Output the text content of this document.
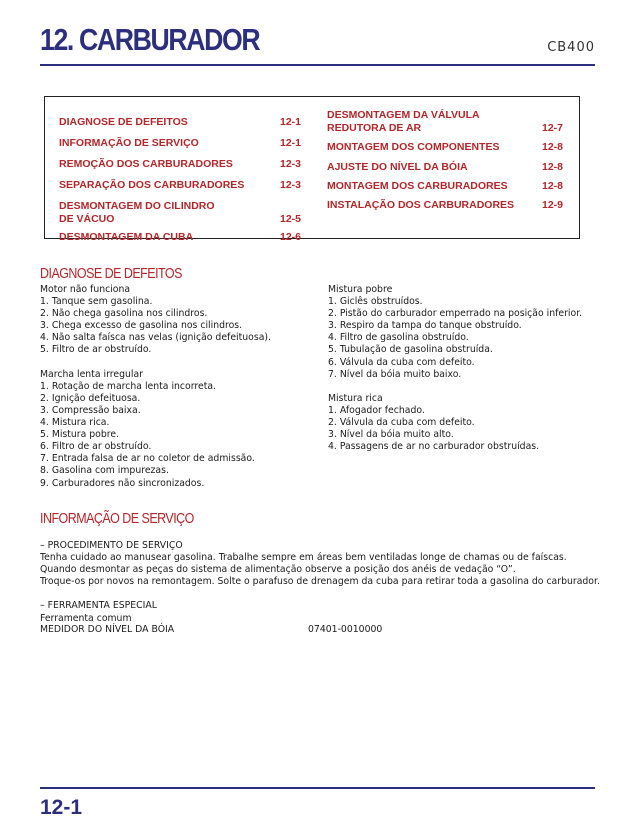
12. CARBURADOR	CB400
DIAGNOSE DE DEFEITOS	12-1
INFORMAÇÃO DE SERVIÇO	12-1
REMOÇÃO DOS CARBURADORES	12-3
SEPARAÇÃO DOS CARBURADORES	12-3
DESMONTAGEM DO CILINDRO
DE VÁCUO	12-5
DESMONTAGEM DA CUBA	12-6
DESMONTAGEM DA VÁLVULA
REDUTORA DE AR	12-7
MONTAGEM DOS COMPONENTES	12-8
AJUSTE DO NÍVEL DA BÓIA	12-8
MONTAGEM DOS CARBURADORES	12-8
INSTALAÇÃO DOS CARBURADORES	12-9
DIAGNOSE DE DEFEITOS
Motor não funciona
1. Tanque sem gasolina.
2. Não chega gasolina nos cilindros.
3. Chega excesso de gasolina nos cilindros.
4. Não salta faísca nas velas (ignição defeituosa).
5. Filtro de ar obstruído.
Marcha lenta irregular
1. Rotação de marcha lenta incorreta.
2. Ignição defeituosa.
3. Compressão baixa.
4. Mistura rica.
5. Mistura pobre.
6. Filtro de ar obstruído.
7. Entrada falsa de ar no coletor de admissão.
8. Gasolina com impurezas.
9. Carburadores não sincronizados.
Mistura pobre
1. Giclês obstruídos.
2. Pistão do carburador emperrado na posição inferior.
3. Respiro da tampa do tanque obstruído.
4. Filtro de gasolina obstruído.
5. Tubulação de gasolina obstruída.
6. Válvula da cuba com defeito.
7. Nível da bóia muito baixo.
Mistura rica
1. Afogador fechado.
2. Válvula da cuba com defeito.
3. Nível da bóia muito alto.
4. Passagens de ar no carburador obstruídas.
INFORMAÇÃO DE SERVIÇO
– PROCEDIMENTO DE SERVIÇO
Tenha cuidado ao manusear gasolina. Trabalhe sempre em áreas bem ventiladas longe de chamas ou de faíscas.
Quando desmontar as peças do sistema de alimentação observe a posição dos anéis de vedação “O”.
Troque-os por novos na remontagem. Solte o parafuso de drenagem da cuba para retirar toda a gasolina do carburador.
– FERRAMENTA ESPECIAL
Ferramenta comum
MEDIDOR DO NÍVEL DA BÓIA	07401-0010000
12-1
